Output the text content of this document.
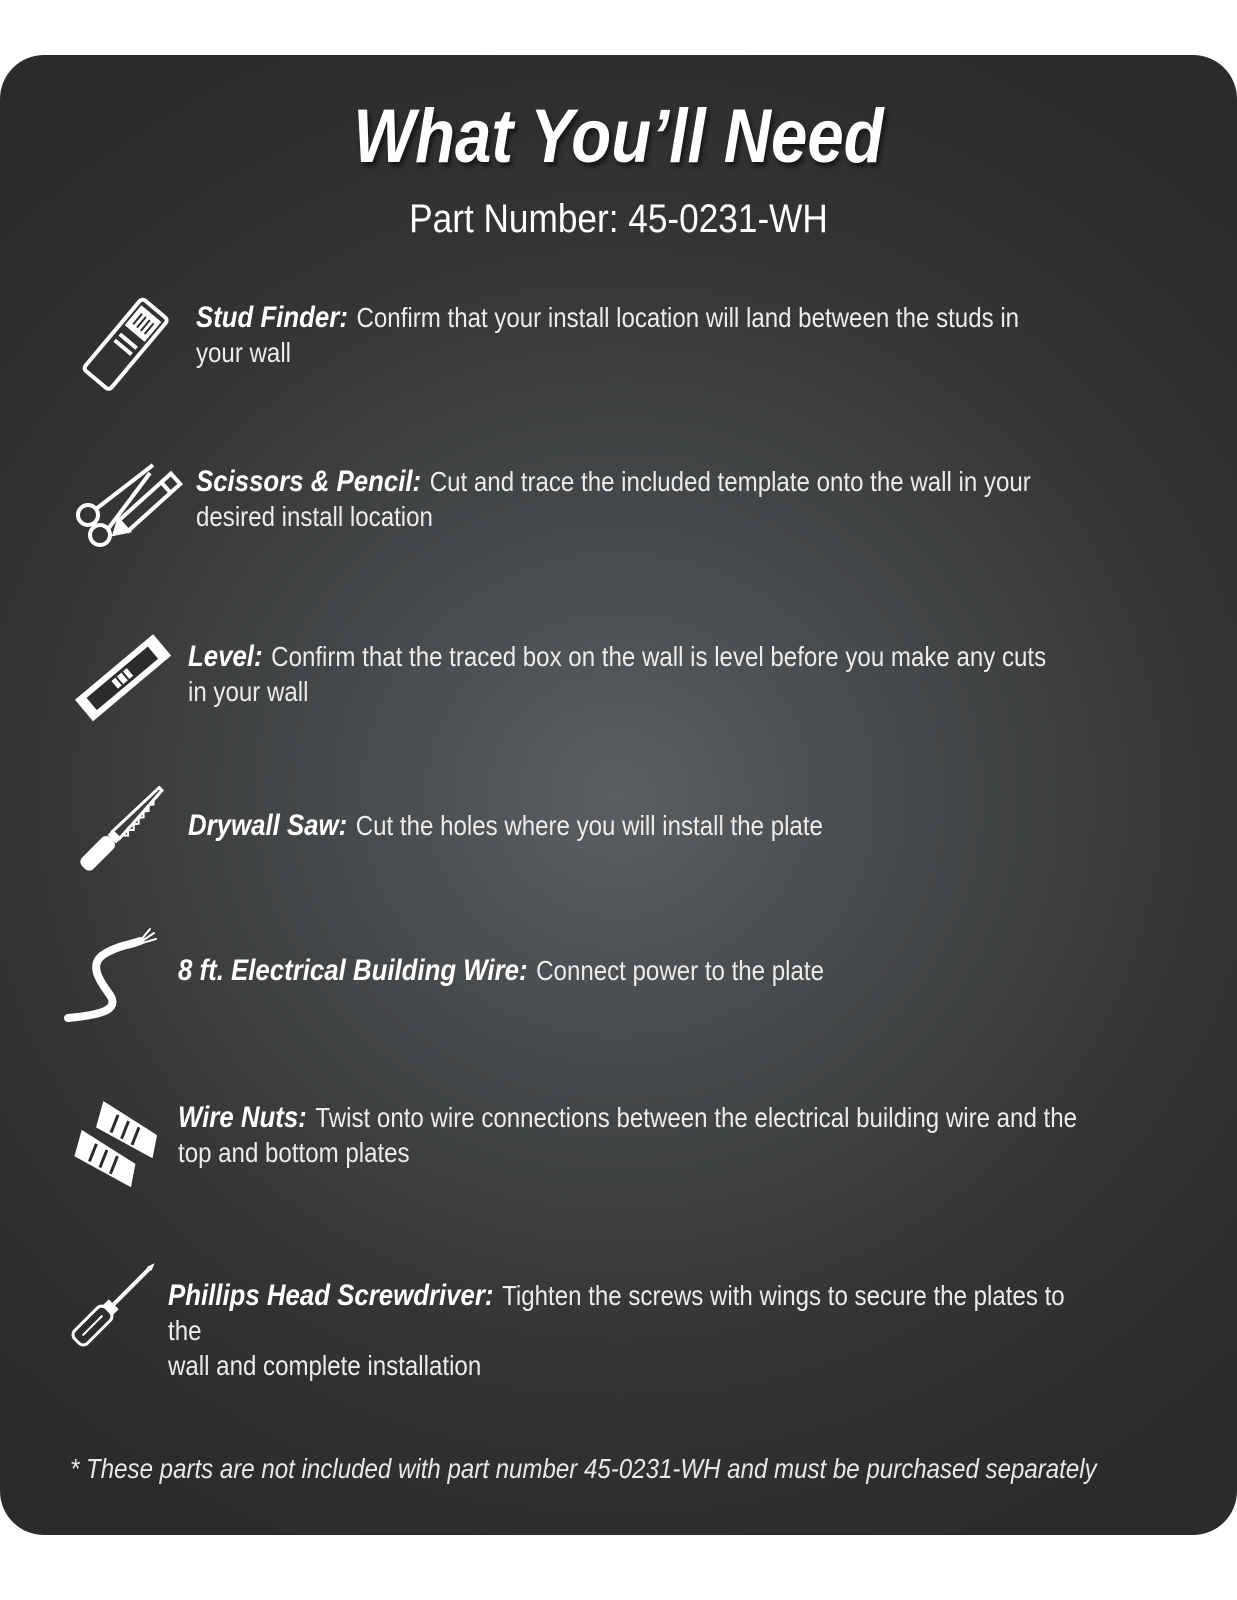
What You’ll Need
Part Number: 45-0231-WH
Stud Finder: Confirm that your install location will land between the studs in
your wall
Scissors & Pencil: Cut and trace the included template onto the wall in your
desired install location
Level: Confirm that the traced box on the wall is level before you make any cuts
in your wall
Drywall Saw: Cut the holes where you will install the plate
8 ft. Electrical Building Wire: Connect power to the plate
Wire Nuts: Twist onto wire connections between the electrical building wire and the
top and bottom plates
Phillips Head Screwdriver: Tighten the screws with wings to secure the plates to the
wall and complete installation
* These parts are not included with part number 45-0231-WH and must be purchased separately
